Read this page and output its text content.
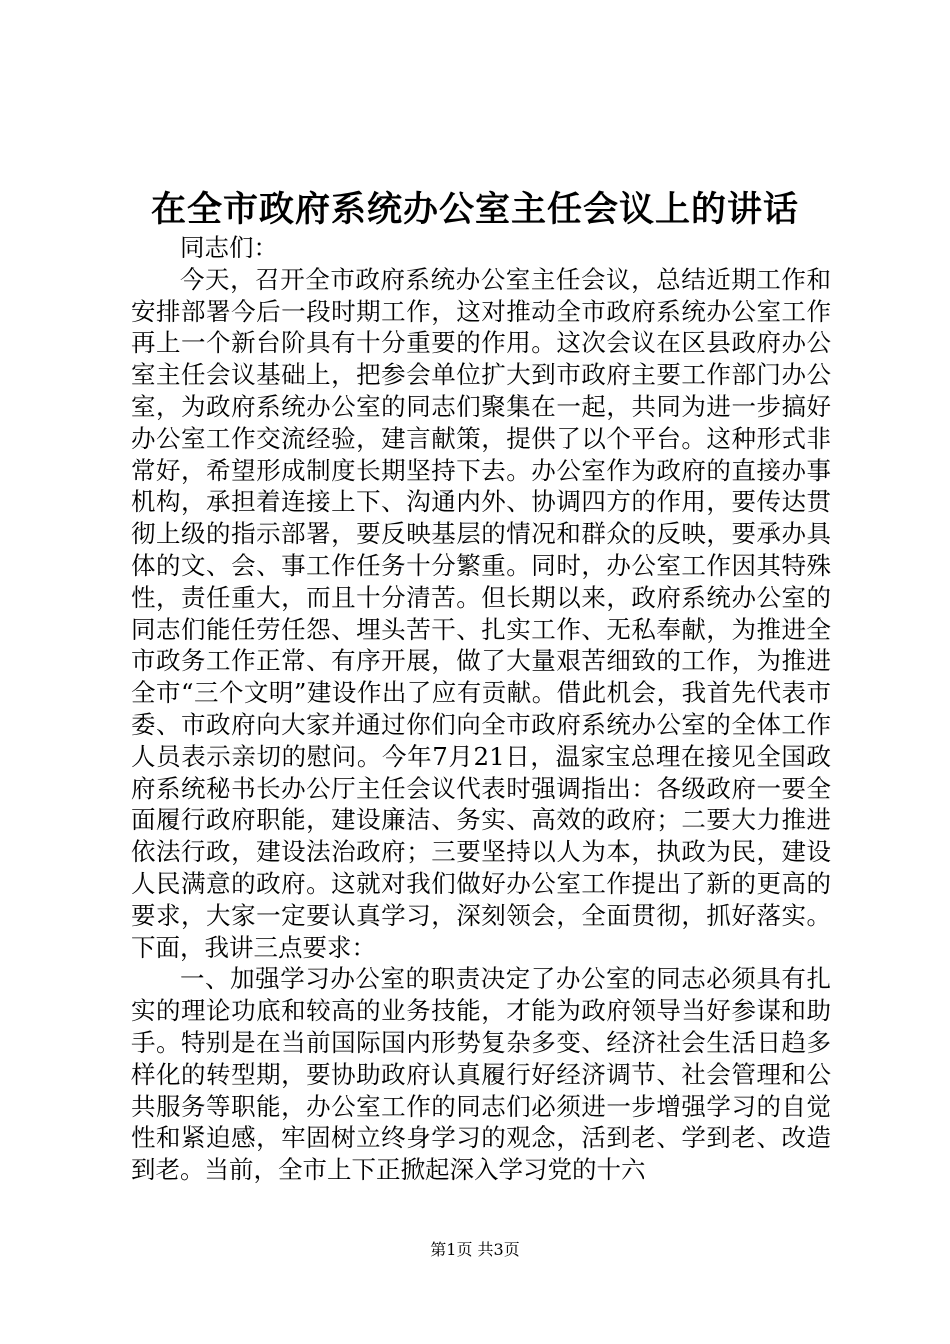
在全市政府系统办公室主任会议上的讲话

同志们：

今天，召开全市政府系统办公室主任会议，总结近期工作和安排部署今后一段时期工作，这对推动全市政府系统办公室工作再上一个新台阶具有十分重要的作用。这次会议在区县政府办公室主任会议基础上，把参会单位扩大到市政府主要工作部门办公室，为政府系统办公室的同志们聚集在一起，共同为进一步搞好办公室工作交流经验，建言献策，提供了以个平台。这种形式非常好，希望形成制度长期坚持下去。办公室作为政府的直接办事机构，承担着连接上下、沟通内外、协调四方的作用，要传达贯彻上级的指示部署，要反映基层的情况和群众的反映，要承办具体的文、会、事工作任务十分繁重。同时，办公室工作因其特殊性，责任重大，而且十分清苦。但长期以来，政府系统办公室的同志们能任劳任怨、埋头苦干、扎实工作、无私奉献，为推进全市政务工作正常、有序开展，做了大量艰苦细致的工作，为推进全市“三个文明”建设作出了应有贡献。借此机会，我首先代表市委、市政府向大家并通过你们向全市政府系统办公室的全体工作人员表示亲切的慰问。今年7月21日，温家宝总理在接见全国政府系统秘书长办公厅主任会议代表时强调指出：各级政府一要全面履行政府职能，建设廉洁、务实、高效的政府；二要大力推进依法行政，建设法治政府；三要坚持以人为本，执政为民，建设人民满意的政府。这就对我们做好办公室工作提出了新的更高的要求，大家一定要认真学习，深刻领会，全面贯彻，抓好落实。下面，我讲三点要求：

一、加强学习办公室的职责决定了办公室的同志必须具有扎实的理论功底和较高的业务技能，才能为政府领导当好参谋和助手。特别是在当前国际国内形势复杂多变、经济社会生活日趋多样化的转型期，要协助政府认真履行好经济调节、社会管理和公共服务等职能，办公室工作的同志们必须进一步增强学习的自觉性和紧迫感，牢固树立终身学习的观念，活到老、学到老、改造到老。当前，全市上下正掀起深入学习党的十六

第1页 共3页
